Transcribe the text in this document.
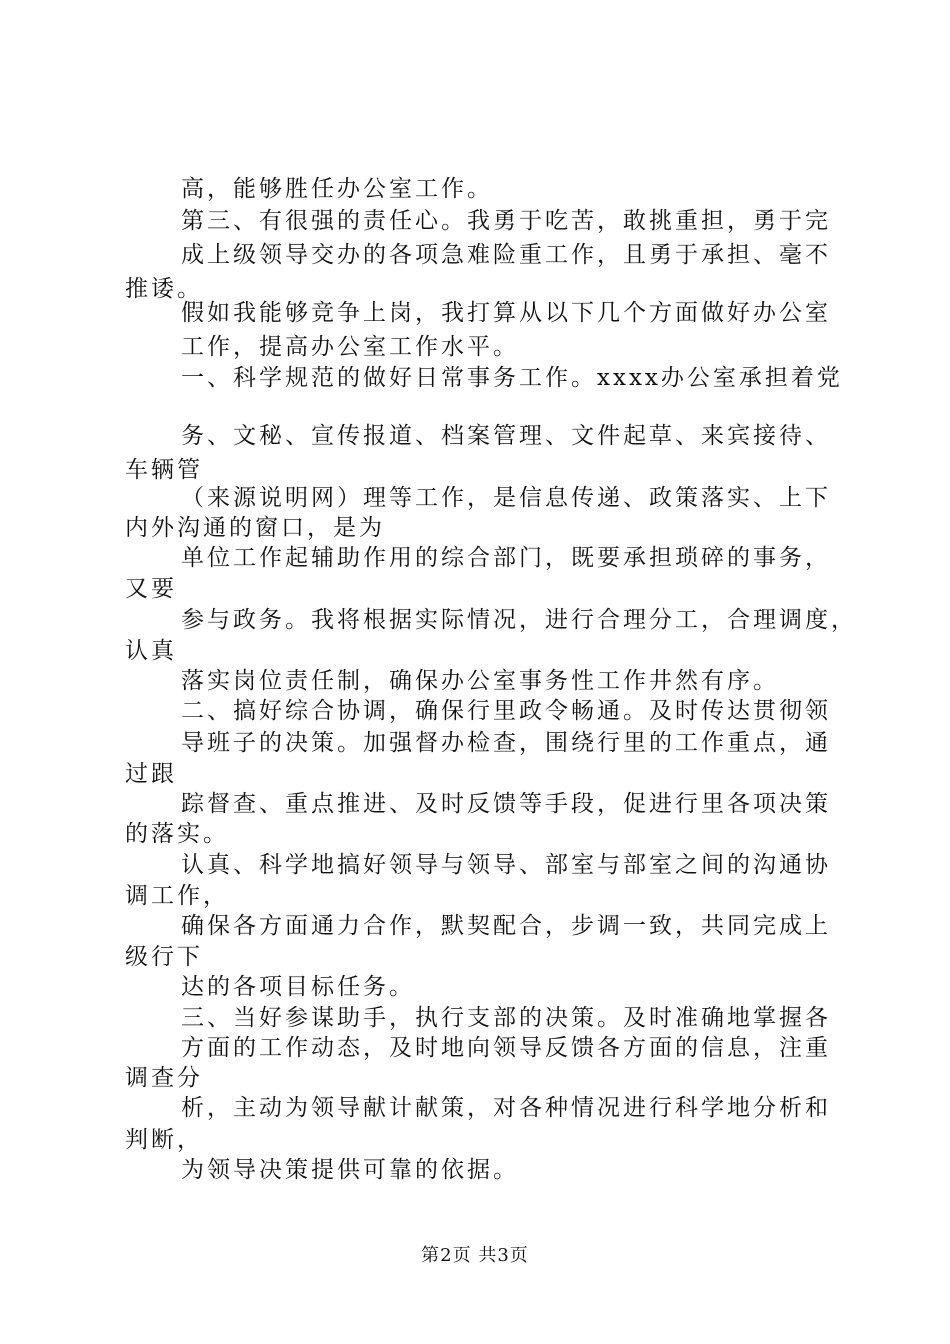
高，能够胜任办公室工作。
第三、有很强的责任心。我勇于吃苦，敢挑重担，勇于完
成上级领导交办的各项急难险重工作，且勇于承担、毫不
推诿。
假如我能够竞争上岗，我打算从以下几个方面做好办公室
工作，提高办公室工作水平。
一、科学规范的做好日常事务工作。xxxx办公室承担着党
务、文秘、宣传报道、档案管理、文件起草、来宾接待、
车辆管
（来源说明网）理等工作，是信息传递、政策落实、上下
内外沟通的窗口，是为
单位工作起辅助作用的综合部门，既要承担琐碎的事务，
又要
参与政务。我将根据实际情况，进行合理分工，合理调度，
认真
落实岗位责任制，确保办公室事务性工作井然有序。
二、搞好综合协调，确保行里政令畅通。及时传达贯彻领
导班子的决策。加强督办检查，围绕行里的工作重点，通
过跟
踪督查、重点推进、及时反馈等手段，促进行里各项决策
的落实。
认真、科学地搞好领导与领导、部室与部室之间的沟通协
调工作，
确保各方面通力合作，默契配合，步调一致，共同完成上
级行下
达的各项目标任务。
三、当好参谋助手，执行支部的决策。及时准确地掌握各
方面的工作动态，及时地向领导反馈各方面的信息，注重
调查分
析，主动为领导献计献策，对各种情况进行科学地分析和
判断，
为领导决策提供可靠的依据。
第2页 共3页
